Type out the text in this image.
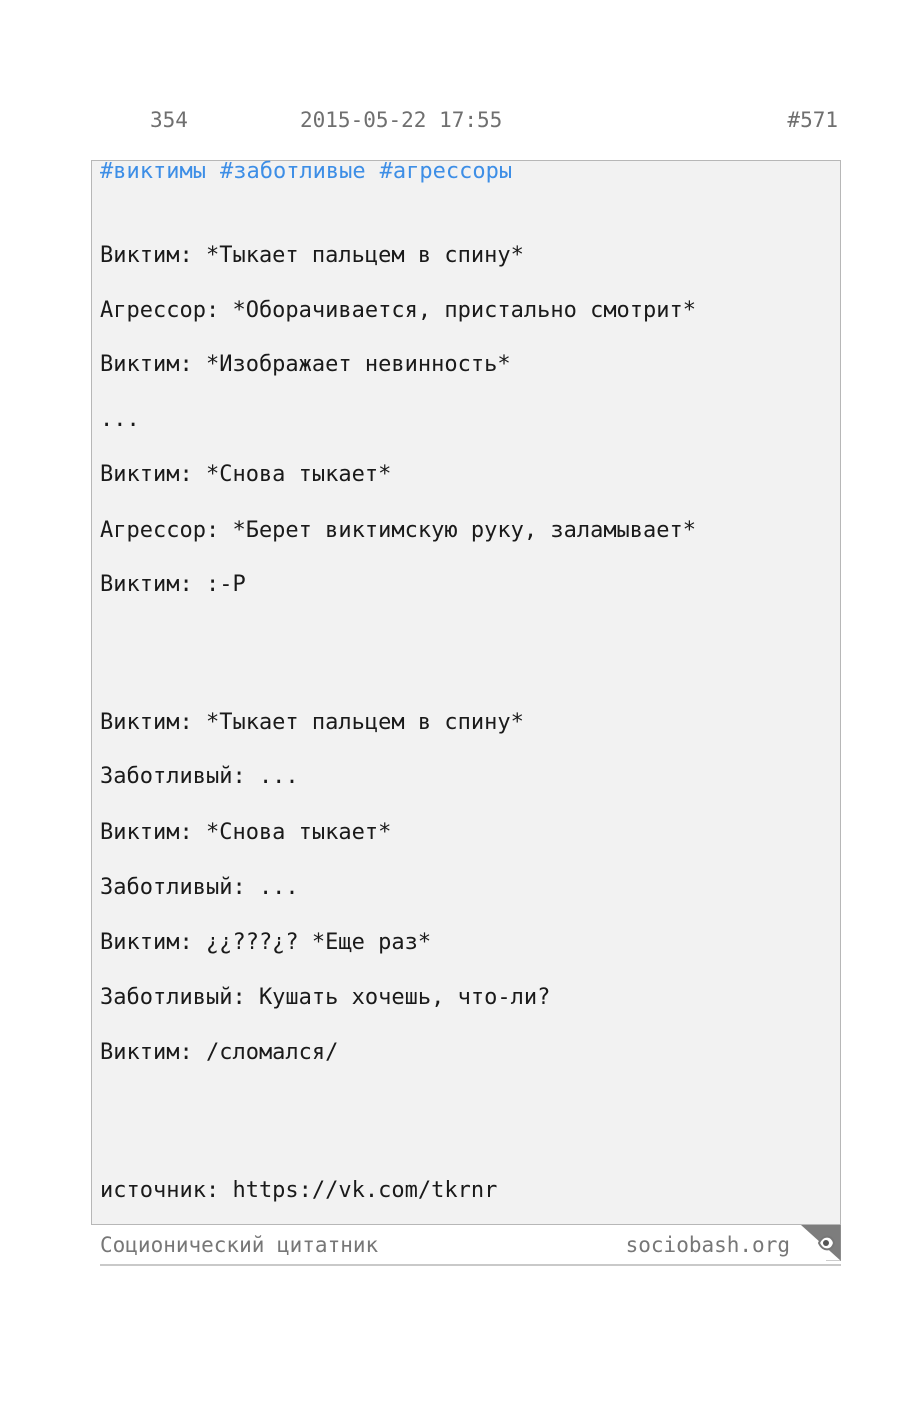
354	2015-05-22 17:55	#571
#виктимы #заботливые #агрессоры
Виктим: *Тыкает пальцем в спину*
Агрессор: *Оборачивается, пристально смотрит*
Виктим: *Изображает невинность*
...
Виктим: *Снова тыкает*
Агрессор: *Берет виктимскую руку, заламывает*
Виктим: :-P
Виктим: *Тыкает пальцем в спину*
Заботливый: ...
Виктим: *Снова тыкает*
Заботливый: ...
Виктим: ¿¿???¿? *Еще раз*
Заботливый: Кушать хочешь, что-ли?
Виктим: /сломался/
источник: https://vk.com/tkrnr
Соционический цитатник	sociobash.org
